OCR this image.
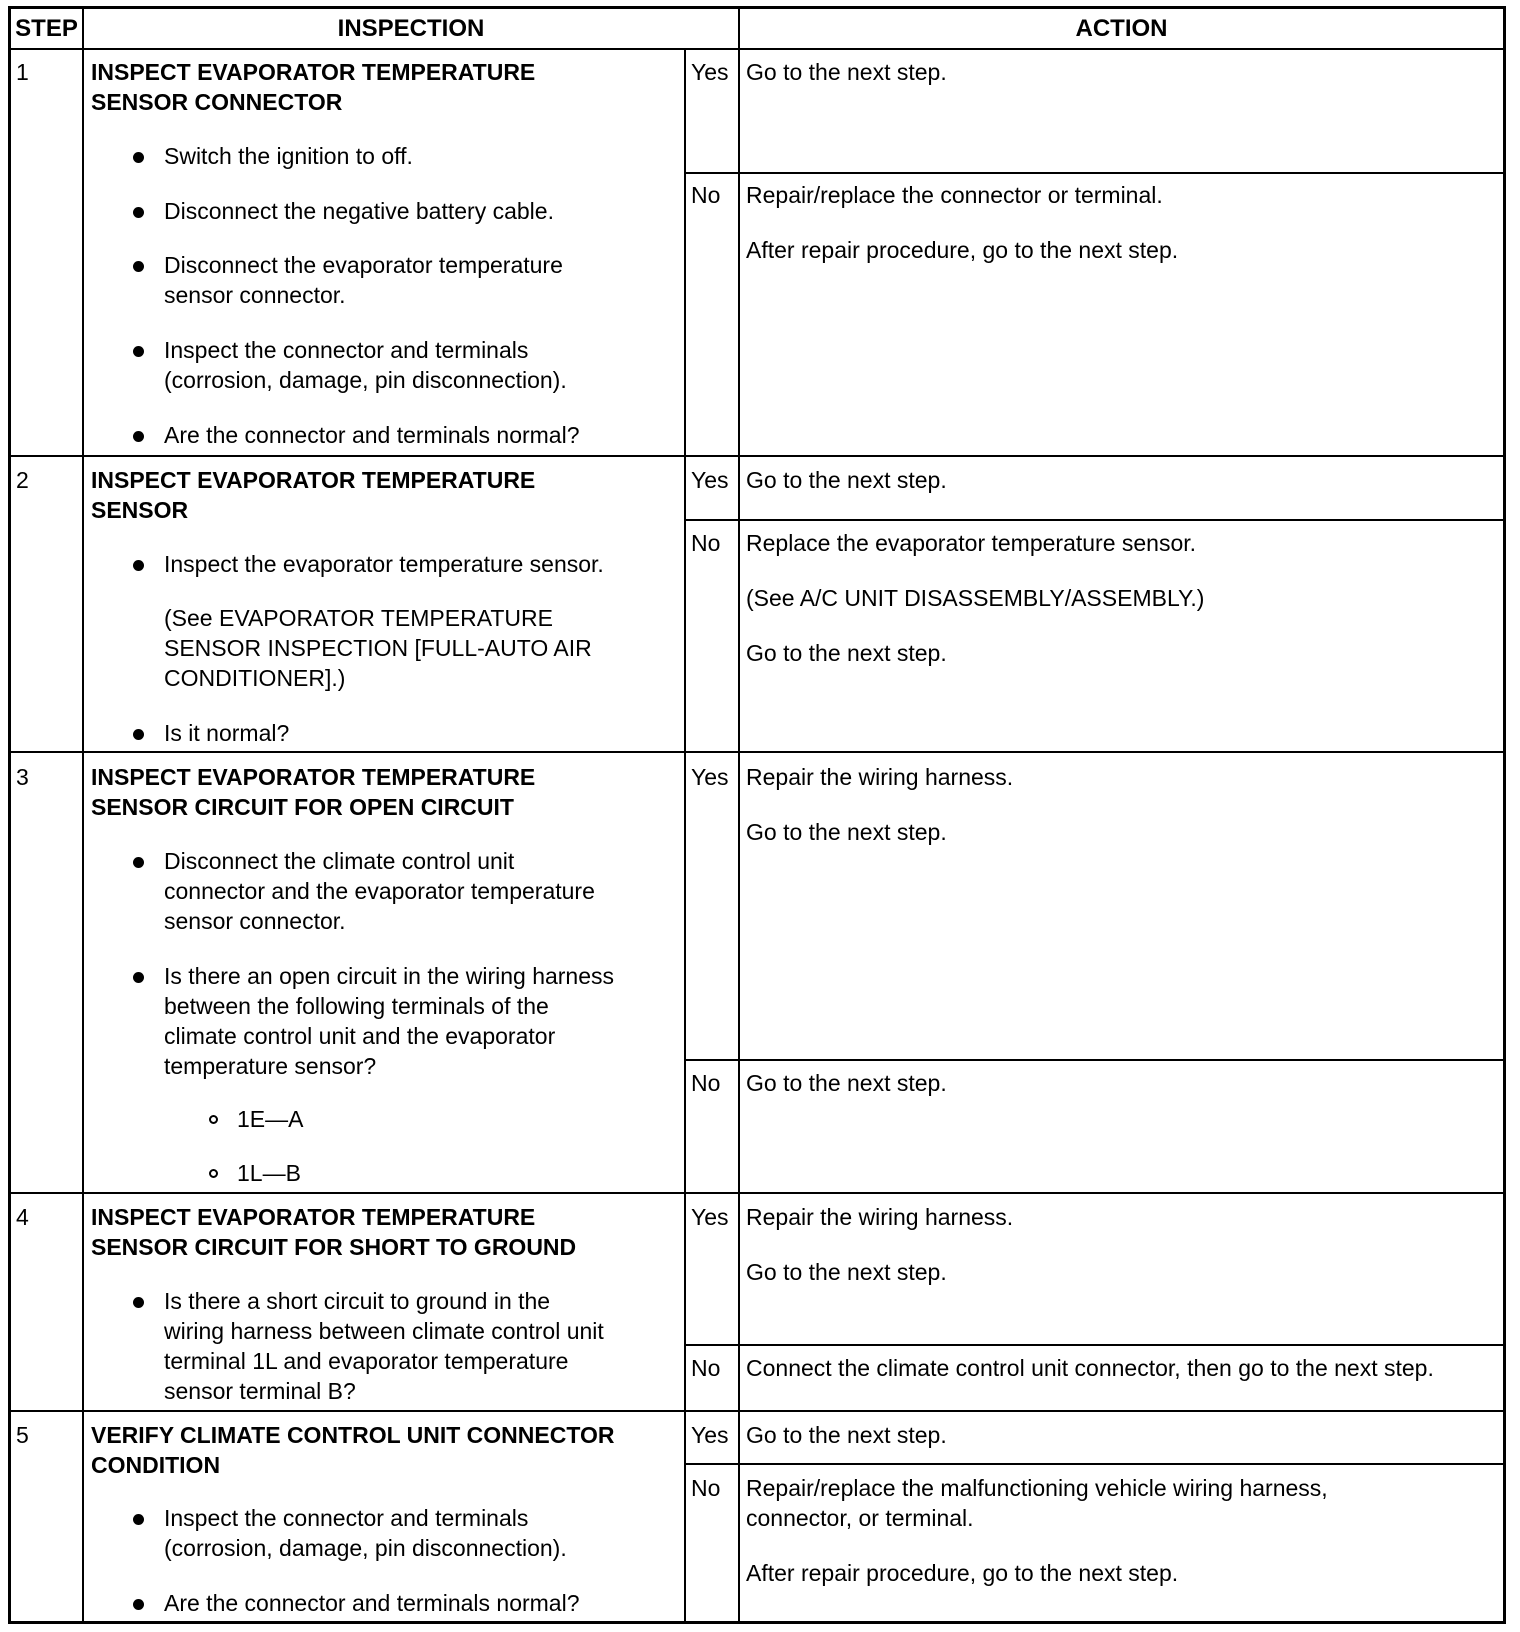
STEP	INSPECTION	ACTION
1	INSPECT EVAPORATOR TEMPERATURE
SENSOR CONNECTOR
Switch the ignition to off.
Disconnect the negative battery cable.
Disconnect the evaporator temperature
sensor connector.
Inspect the connector and terminals
(corrosion, damage, pin disconnection).
Are the connector and terminals normal?
Yes Go to the next step.
No Repair/replace the connector or terminal.
After repair procedure, go to the next step.
2	INSPECT EVAPORATOR TEMPERATURE
SENSOR
Inspect the evaporator temperature sensor.
(See EVAPORATOR TEMPERATURE
SENSOR INSPECTION [FULL-AUTO AIR
CONDITIONER].)
Is it normal?
Yes Go to the next step.
No Replace the evaporator temperature sensor.
(See A/C UNIT DISASSEMBLY/ASSEMBLY.)
Go to the next step.
3	INSPECT EVAPORATOR TEMPERATURE
SENSOR CIRCUIT FOR OPEN CIRCUIT
Disconnect the climate control unit
connector and the evaporator temperature
sensor connector.
Is there an open circuit in the wiring harness
between the following terminals of the
climate control unit and the evaporator
temperature sensor?
1E—A
1L—B
Yes Repair the wiring harness.
Go to the next step.
No Go to the next step.
4	INSPECT EVAPORATOR TEMPERATURE
SENSOR CIRCUIT FOR SHORT TO GROUND
Is there a short circuit to ground in the
wiring harness between climate control unit
terminal 1L and evaporator temperature
sensor terminal B?
Yes Repair the wiring harness.
Go to the next step.
No Connect the climate control unit connector, then go to the next step.
5	VERIFY CLIMATE CONTROL UNIT CONNECTOR
CONDITION
Inspect the connector and terminals
(corrosion, damage, pin disconnection).
Are the connector and terminals normal?
Yes Go to the next step.
No Repair/replace the malfunctioning vehicle wiring harness,
connector, or terminal.
After repair procedure, go to the next step.
